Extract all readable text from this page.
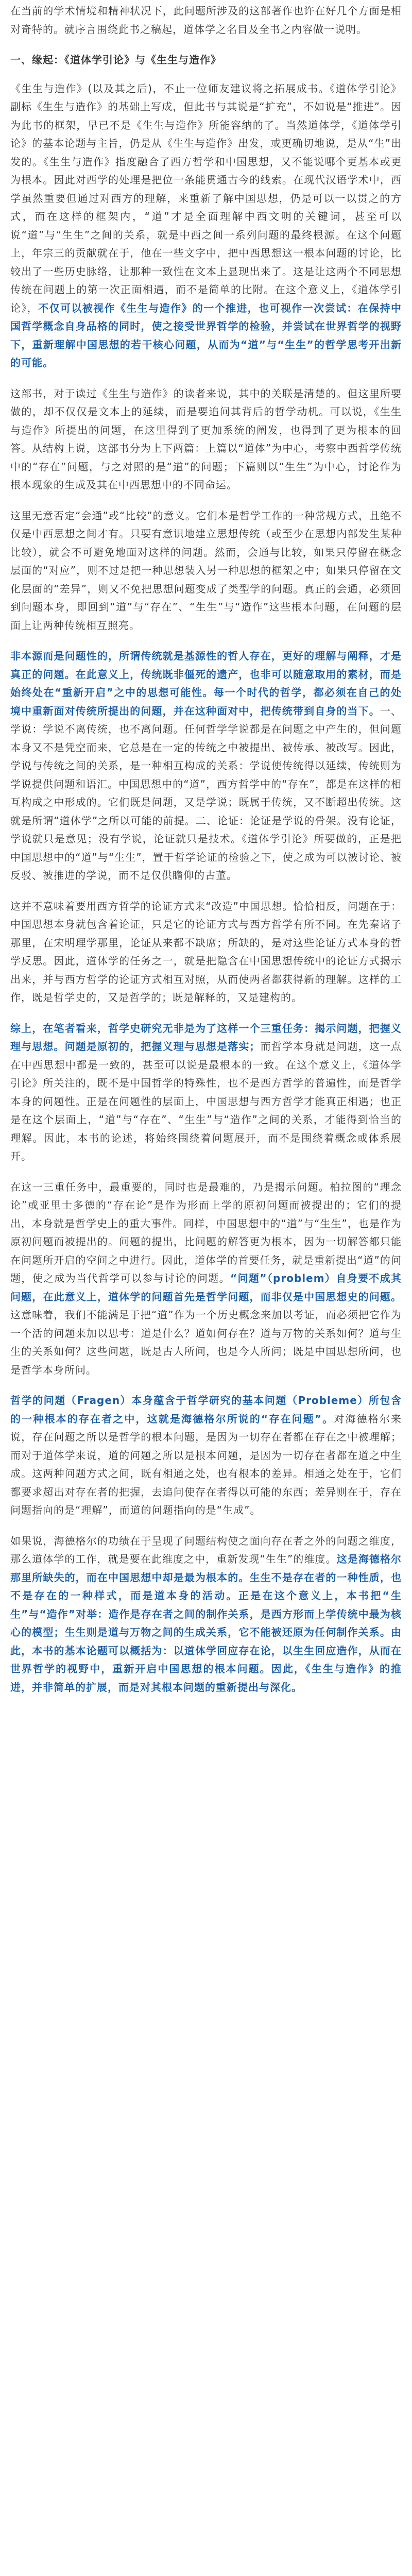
在当前的学术情境和精神状况下，此问题所涉及的这部著作也许在好几个方面是相对奇特的。就序言围绕此书之稿起，道体学之名目及全书之内容做一说明。

一、缘起：《道体学引论》与《生生与造作》

《生生与造作》(以及其之后)，不止一位师友建议将之拓展成书。《道体学引论》副标《生生与造作》的基础上写成，但此书与其说是“扩充”，不如说是“推进”。因为此书的框架，早已不是《生生与造作》所能容纳的了。当然道体学，《道体学引论》的基本论题与主旨，仍是从《生生与造作》出发，或更确切地说，是从“生”出发的。《生生与造作》指度融合了西方哲学和中国思想，又不能说哪个更基本或更为根本。因此对西学的处理是把位一条能贯通古今的线索。在现代汉语学术中，西学虽然重要但通过对西方的理解，来重新了解中国思想，仍是可以一以贯之的方式，而在这样的框架内，“道”才是全面理解中西文明的关键词，甚至可以说“道”与“生生”之间的关系，就是中西之间一系列问题的最终根源。在这个问题上，年宗三的贡献就在于，他在一些文字中，把中西思想这一根本问题的讨论，比较出了一些历史脉络，让那种一致性在文本上显现出来了。这是让这两个不同思想传统在问题上的第一次正面相遇，而不是简单的比附。在这个意义上，《道体学引论》，不仅可以被视作《生生与造作》的一个推进，也可视作一次尝试：在保持中国哲学概念自身品格的同时，使之接受世界哲学的检验，并尝试在世界哲学的视野下，重新理解中国思想的若干核心问题，从而为“道”与“生生”的哲学思考开出新的可能。

这部书，对于读过《生生与造作》的读者来说，其中的关联是清楚的。但这里所要做的，却不仅仅是文本上的延续，而是要追问其背后的哲学动机。可以说，《生生与造作》所提出的问题，在这里得到了更加系统的阐发，也得到了更为根本的回答。从结构上说，这部书分为上下两篇：上篇以“道体”为中心，考察中西哲学传统中的“存在”问题，与之对照的是“道”的问题；下篇则以“生生”为中心，讨论作为根本现象的生成及其在中西思想中的不同命运。

这里无意否定“会通”或“比较”的意义。它们本是哲学工作的一种常规方式，且绝不仅是中西思想之间才有。只要有意识地建立思想传统（或至少在思想内部发生某种比较），就会不可避免地面对这样的问题。然而，会通与比较，如果只停留在概念层面的“对应”，则不过是把一种思想装入另一种思想的框架之中；如果只停留在文化层面的“差异”，则又不免把思想问题变成了类型学的问题。真正的会通，必须回到问题本身，即回到“道”与“存在”、“生生”与“造作”这些根本问题，在问题的层面上让两种传统相互照亮。

非本源而是问题性的，所谓传统就是基源性的哲人存在，更好的理解与阐释，才是真正的问题。在此意义上，传统既非僵死的遗产，也非可以随意取用的素材，而是始终处在“重新开启”之中的思想可能性。每一个时代的哲学，都必须在自己的处境中重新面对传统所提出的问题，并在这种面对中，把传统带到自身的当下。一、学说：学说不离传统，也不离问题。任何哲学学说都是在问题之中产生的，但问题本身又不是凭空而来，它总是在一定的传统之中被提出、被传承、被改写。因此，学说与传统之间的关系，是一种相互构成的关系：学说使传统得以延续，传统则为学说提供问题和语汇。中国思想中的“道”，西方哲学中的“存在”，都是在这样的相互构成之中形成的。它们既是问题，又是学说；既属于传统，又不断超出传统。这就是所谓“道体学”之所以可能的前提。二、论证：论证是学说的骨架。没有论证，学说就只是意见；没有学说，论证就只是技术。《道体学引论》所要做的，正是把中国思想中的“道”与“生生”，置于哲学论证的检验之下，使之成为可以被讨论、被反驳、被推进的学说，而不是仅供瞻仰的古董。

这并不意味着要用西方哲学的论证方式来“改造”中国思想。恰恰相反，问题在于：中国思想本身就包含着论证，只是它的论证方式与西方哲学有所不同。在先秦诸子那里，在宋明理学那里，论证从来都不缺席；所缺的，是对这些论证方式本身的哲学反思。因此，道体学的任务之一，就是把隐含在中国思想传统中的论证方式揭示出来，并与西方哲学的论证方式相互对照，从而使两者都获得新的理解。这样的工作，既是哲学史的，又是哲学的；既是解释的，又是建构的。

综上，在笔者看来，哲学史研究无非是为了这样一个三重任务：揭示问题，把握义理与思想。问题是原初的，把握义理与思想是落实；而哲学本身就是问题，这一点在中西思想中都是一致的，甚至可以说是最根本的一致。在这个意义上，《道体学引论》所关注的，既不是中国哲学的特殊性，也不是西方哲学的普遍性，而是哲学本身的问题性。正是在问题性的层面上，中国思想与西方哲学才能真正相遇；也正是在这个层面上，“道”与“存在”、“生生”与“造作”之间的关系，才能得到恰当的理解。因此，本书的论述，将始终围绕着问题展开，而不是围绕着概念或体系展开。

在这一三重任务中，最重要的，同时也是最难的，乃是揭示问题。柏拉图的“理念论”或亚里士多德的“存在论”是作为形而上学的原初问题而被提出的；它们的提出，本身就是哲学史上的重大事件。同样，中国思想中的“道”与“生生”，也是作为原初问题而被提出的。问题的提出，比问题的解答更为根本，因为一切解答都只能在问题所开启的空间之中进行。因此，道体学的首要任务，就是重新提出“道”的问题，使之成为当代哲学可以参与讨论的问题。“问题”（problem）自身要不成其问题，在此意义上，道体学的问题首先是哲学问题，而非仅是中国思想史的问题。这意味着，我们不能满足于把“道”作为一个历史概念来加以考证，而必须把它作为一个活的问题来加以思考：道是什么？道如何存在？道与万物的关系如何？道与生生的关系如何？这些问题，既是古人所问，也是今人所问；既是中国思想所问，也是哲学本身所问。

哲学的问题（Fragen）本身蕴含于哲学研究的基本问题（Probleme）所包含的一种根本的存在者之中，这就是海德格尔所说的“存在问题”。对海德格尔来说，存在问题之所以是哲学的根本问题，是因为一切存在者都在存在之中被理解；而对于道体学来说，道的问题之所以是根本问题，是因为一切存在者都在道之中生成。这两种问题方式之间，既有相通之处，也有根本的差异。相通之处在于，它们都要求超出对存在者的把握，去追问使存在者得以可能的东西；差异则在于，存在问题指向的是“理解”，而道的问题指向的是“生成”。

如果说，海德格尔的功绩在于呈现了问题结构使之面向存在者之外的问题之维度，那么道体学的工作，就是要在此维度之中，重新发现“生生”的维度。这是海德格尔那里所缺失的，而在中国思想中却是最为根本的。生生不是存在者的一种性质，也不是存在的一种样式，而是道本身的活动。正是在这个意义上，本书把“生生”与“造作”对举：造作是存在者之间的制作关系，是西方形而上学传统中最为核心的模型；生生则是道与万物之间的生成关系，它不能被还原为任何制作关系。由此，本书的基本论题可以概括为：以道体学回应存在论，以生生回应造作，从而在世界哲学的视野中，重新开启中国思想的根本问题。因此，《生生与造作》的推进，并非简单的扩展，而是对其根本问题的重新提出与深化。
